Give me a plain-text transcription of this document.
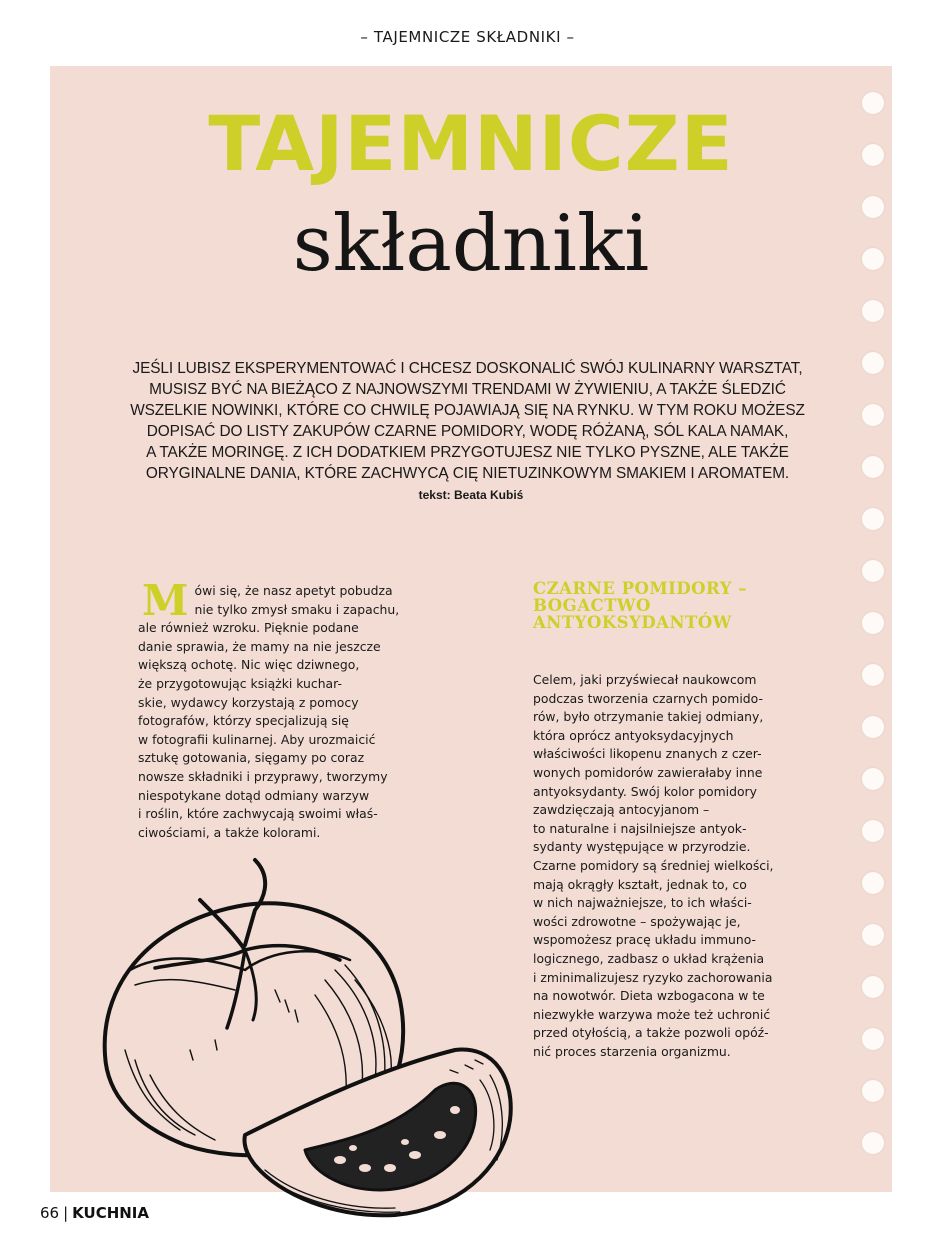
– TAJEMNICZE SKŁADNIKI –
TAJEMNICZE
składniki
JEŚLI LUBISZ EKSPERYMENTOWAĆ I CHCESZ DOSKONALIĆ SWÓJ KULINARNY WARSZTAT,
MUSISZ BYĆ NA BIEŻĄCO Z NAJNOWSZYMI TRENDAMI W ŻYWIENIU, A TAKŻE ŚLEDZIĆ
WSZELKIE NOWINKI, KTÓRE CO CHWILĘ POJAWIAJĄ SIĘ NA RYNKU. W TYM ROKU MOŻESZ
DOPISAĆ DO LISTY ZAKUPÓW CZARNE POMIDORY, WODĘ RÓŻANĄ, SÓL KALA NAMAK,
A TAKŻE MORINGĘ. Z ICH DODATKIEM PRZYGOTUJESZ NIE TYLKO PYSZNE, ALE TAKŻE
ORYGINALNE DANIA, KTÓRE ZACHWYCĄ CIĘ NIETUZINKOWYM SMAKIEM I AROMATEM.
tekst: Beata Kubiś
M ówi się, że nasz apetyt pobudza
nie tylko zmysł smaku i zapachu,
ale również wzroku. Pięknie podane
danie sprawia, że mamy na nie jeszcze
większą ochotę. Nic więc dziwnego,
że przygotowując książki kuchar-
skie, wydawcy korzystają z pomocy
fotografów, którzy specjalizują się
w fotografii kulinarnej. Aby urozmaicić
sztukę gotowania, sięgamy po coraz
nowsze składniki i przyprawy, tworzymy
niespotykane dotąd odmiany warzyw
i roślin, które zachwycają swoimi właś-
ciwościami, a także kolorami.
CZARNE POMIDORY –
BOGACTWO
ANTYOKSYDANTÓW
Celem, jaki przyświecał naukowcom
podczas tworzenia czarnych pomido-
rów, było otrzymanie takiej odmiany,
która oprócz antyoksydacyjnych
właściwości likopenu znanych z czer-
wonych pomidorów zawierałaby inne
antyoksydanty. Swój kolor pomidory
zawdzięczają antocyjanom –
to naturalne i najsilniejsze antyok-
sydanty występujące w przyrodzie.
Czarne pomidory są średniej wielkości,
mają okrągły kształt, jednak to, co
w nich najważniejsze, to ich właści-
wości zdrowotne – spożywając je,
wspomożesz pracę układu immuno-
logicznego, zadbasz o układ krążenia
i zminimalizujesz ryzyko zachorowania
na nowotwór. Dieta wzbogacona w te
niezwykłe warzywa może też uchronić
przed otyłością, a także pozwoli opóź-
nić proces starzenia organizmu.
66 | KUCHNIA
